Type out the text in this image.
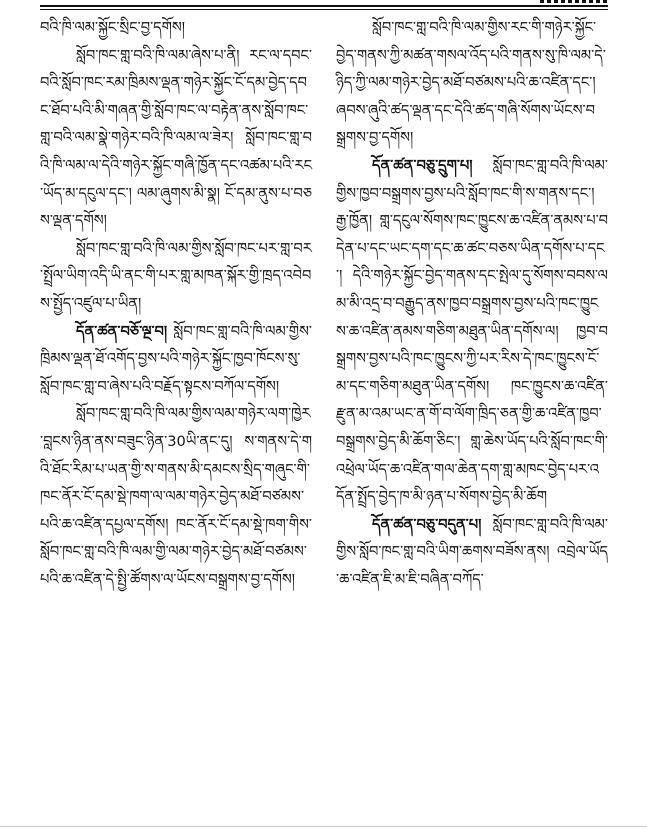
བའི་ཁི་ལམ་སྐྱོང་སྲིང་བྱ་དགོས།

སློབ་ཁང་གླ་བའི་ཁི་ལམ་ཞེས་པ་ནི། རང་ལ་དབང་བའི་སློབ་ཁང་རམ་ཁྲིམས་ལྡན་གཉེར་སྐྱོང་ངོ་དམ་བྱེད་དབང་ཐོབ་པའི་མི་གཞན་གྱི་སློབ་ཁང་ལ་བརྟེན་ནས་སློབ་ཁང་གླ་བའི་ལམ་སྣེ་གཉེར་བའི་ཁི་ལམ་ལ་ཟེར། སློབ་ཁང་གླ་བའི་ཁི་ལམ་ལ་དེའི་གཉེར་སྐྱོང་གཞི་ཁྱོན་དང་འཚམ་པའི་རང་ཡོད་མ་དངུལ་དང་། ལམ་ཞུགས་མི་སྣ། ངོ་དམ་ནུས་པ་བཅས་ལྡན་དགོས།

སློབ་ཁང་གླ་བའི་ཁི་ལམ་གྱིས་སློབ་ཁང་པར་གླ་བར་སྤྲོལ་ཡིག་འདི་ཡི་ནང་གི་པར་གླ་མཁན་སྐོར་གྱི་ཁྲད་འབེབས་སྤྱོད་འཛུལ་པ་ཡིན།

དོན་ཚན་བཅོ་ལྔ་བ། སློབ་ཁང་གླ་བའི་ཁི་ལམ་གྱིས་ཁྲིམས་ལྡན་ཐོ་འགོད་བྱས་པའི་གཉེར་སྐྱོང་ཁྱབ་ཁོངས་སུ་སློབ་ཁང་གླ་བ་ཞེས་པའི་བརྗོད་སྟངས་བཀོལ་དགོས།

སློབ་ཁང་གླ་བའི་ཁི་ལམ་གྱིས་ལམ་གཉེར་ལག་ཁྱེར་བླངས་ཉིན་ནས་བཟུང་ཉིན་30ཡི་ནང་དུ། ས་གནས་དེ་གའི་ཐོང་རིམ་པ་ཡན་གྱི་ས་གནས་མི་དམངས་སྲིད་གཞུང་གི་ཁང་ནོར་ངོ་དམ་སྡེ་ཁག་ལ་ལམ་གཉེར་བྱེད་མཐོ་བཙམས་པའི་ཆ་འཛིན་དཔྱལ་དགོས། ཁང་ནོར་ངོ་དམ་སྡེ་ཁག་གིས་སློབ་ཁང་གླ་བའི་ཁི་ལམ་གྱི་ལམ་གཉེར་བྱེད་མཐོ་བཙམས་པའི་ཆ་འཛིན་དེ་སྤྱི་ཚོགས་ལ་ཡོངས་བསྒྲགས་བྱ་དགོས།

སློབ་ཁང་གླ་བའི་ཁི་ལམ་གྱིས་རང་གི་གཉེར་སྐྱོང་བྱེད་གནས་ཀྱི་མཚན་གསལ་འོད་པའི་གནས་སུ་ཁི་ལམ་དེ་ཉིད་ཀྱི་ལམ་གཉེར་བྱེད་མཐོ་བཙམས་པའི་ཆ་འཛིན་དང་། ཞབས་ཞུའི་ཚད་ལྡན་དང་དེའི་ཚད་གཞི་སོགས་ཡོངས་བསྒྲགས་བྱ་དགོས།

དོན་ཚན་བཅུ་དྲུག་པ། སློབ་ཁང་གླ་བའི་ཁི་ལམ་གྱིས་ཁྱབ་བསྒྲགས་བྱས་པའི་སློབ་ཁང་གི་ས་གནས་དང་། རྒྱ་ཁྱོན། གླ་དངུལ་སོགས་ཁང་ཁྱུངས་ཆ་འཛིན་ནམས་པ་བདེན་པ་དང་ཡང་དག་དང་ཆ་ཚང་བཅས་ཡིན་དགོས་པ་དང་། དེའི་གཉེར་སྐྱོང་བྱེད་གནས་དང་སྤེལ་དུ་སོགས་བབས་ལམ་མི་འདྲ་བ་བརྒྱུད་ནས་ཁྱབ་བསྒྲགས་བྱས་པའི་ཁང་ཁྱུངས་ཆ་འཛིན་ནམས་གཅིག་མཐུན་ཡིན་དགོས་ལ། ཁྱབ་བསྒྲགས་བྱས་པའི་ཁང་ཁྱུངས་ཀྱི་པར་རིས་དེ་ཁང་ཁྱུངས་ངོ་མ་དང་གཅིག་མཐུན་ཡིན་དགོས། ཁང་ཁྱུངས་ཆ་འཛིན་རྫུན་མ་འམ་ཡང་ན་གོ་བ་ལོག་ཁྲིད་ཅན་གྱི་ཆ་འཛིན་ཁྱབ་བསྒྲགས་བྱེད་མི་ཆོག་ཅིང་། གླ་ཆེས་ཡོད་པའི་སློབ་ཁང་གི་འཕྲེལ་ཡོད་ཆ་འཛིན་གལ་ཆེན་དག་གླ་མཁང་བྱེད་པར་འདོན་སྤྲོད་བྱེད་ཁ་མི་ཉན་པ་སོགས་བྱེད་མི་ཆོག

དོན་ཚན་བཅུ་བདུན་པ། སློབ་ཁང་གླ་བའི་ཁི་ལམ་གྱིས་སློབ་ཁང་གླ་བའི་ཡིག་ཆགས་བཟོས་ནས། འབྲེལ་ཡོད་ཆ་འཛིན་ཇི་མ་ཇི་བཞིན་བཀོད་
